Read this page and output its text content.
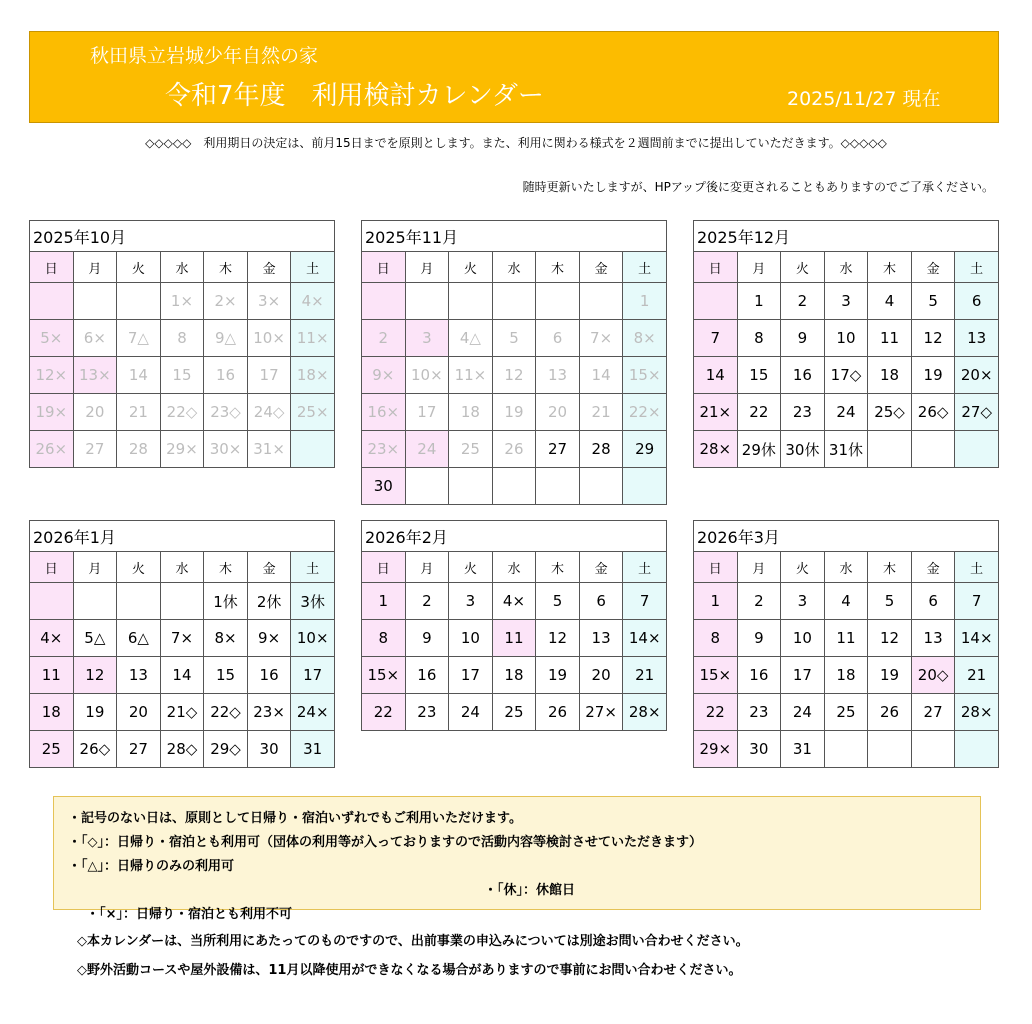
秋田県立岩城少年自然の家
令和7年度　利用検討カレンダー	2025/11/27 現在
◇◇◇◇◇　利用期日の決定は、前月15日までを原則とします。また、利用に関わる様式を２週間前までに提出していただきます。◇◇◇◇◇
随時更新いたしますが、HPアップ後に変更されることもありますのでご了承ください。
2025年10月						
日	月	火	水	木	金	土
			1×	2×	3×	4×
5×	6×	7△	8	9△	10×	11×
12×	13×	14	15	16	17	18×
19×	20	21	22◇	23◇	24◇	25×
26×	27	28	29×	30×	31×	
2025年11月						
日	月	火	水	木	金	土
						1
2	3	4△	5	6	7×	8×
9×	10×	11×	12	13	14	15×
16×	17	18	19	20	21	22×
23×	24	25	26	27	28	29
30						
2025年12月						
日	月	火	水	木	金	土
	1	2	3	4	5	6
7	8	9	10	11	12	13
14	15	16	17◇	18	19	20×
21×	22	23	24	25◇	26◇	27◇
28×	29休	30休	31休			
2026年1月						
日	月	火	水	木	金	土
				1休	2休	3休
4×	5△	6△	7×	8×	9×	10×
11	12	13	14	15	16	17
18	19	20	21◇	22◇	23×	24×
25	26◇	27	28◇	29◇	30	31
2026年2月						
日	月	火	水	木	金	土
1	2	3	4×	5	6	7
8	9	10	11	12	13	14×
15×	16	17	18	19	20	21
22	23	24	25	26	27×	28×
2026年3月						
日	月	火	水	木	金	土
1	2	3	4	5	6	7
8	9	10	11	12	13	14×
15×	16	17	18	19	20◇	21
22	23	24	25	26	27	28×
29×	30	31				
・記号のない日は、原則として日帰り・宿泊いずれでもご利用いただけます。
・「◇」：日帰り・宿泊とも利用可（団体の利用等が入っておりますので活動内容等検討させていただきます）
・「△」：日帰りのみの利用可

・「×」：日帰り・宿泊とも利用不可

・「休」：休館日

◇本カレンダーは、当所利用にあたってのものですので、出前事業の申込みについては別途お問い合わせください。
◇野外活動コースや屋外設備は、11月以降使用ができなくなる場合がありますので事前にお問い合わせください。
